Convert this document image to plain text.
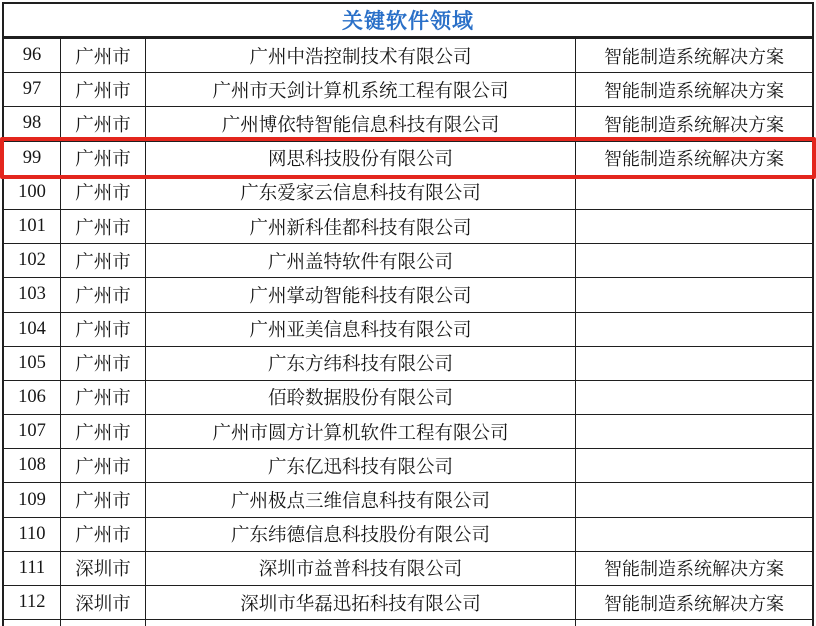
关键软件领域
96	广州市	广州中浩控制技术有限公司	智能制造系统解决方案
97	广州市	广州市天剑计算机系统工程有限公司	智能制造系统解决方案
98	广州市	广州博依特智能信息科技有限公司	智能制造系统解决方案
99	广州市	网思科技股份有限公司	智能制造系统解决方案
100	广州市	广东爱家云信息科技有限公司
101	广州市	广州新科佳都科技有限公司
102	广州市	广州盖特软件有限公司
103	广州市	广州掌动智能科技有限公司
104	广州市	广州亚美信息科技有限公司
105	广州市	广东方纬科技有限公司
106	广州市	佰聆数据股份有限公司
107	广州市	广州市圆方计算机软件工程有限公司
108	广州市	广东亿迅科技有限公司
109	广州市	广州极点三维信息科技有限公司
110	广州市	广东纬德信息科技股份有限公司
111	深圳市	深圳市益普科技有限公司	智能制造系统解决方案
112	深圳市	深圳市华磊迅拓科技有限公司	智能制造系统解决方案
